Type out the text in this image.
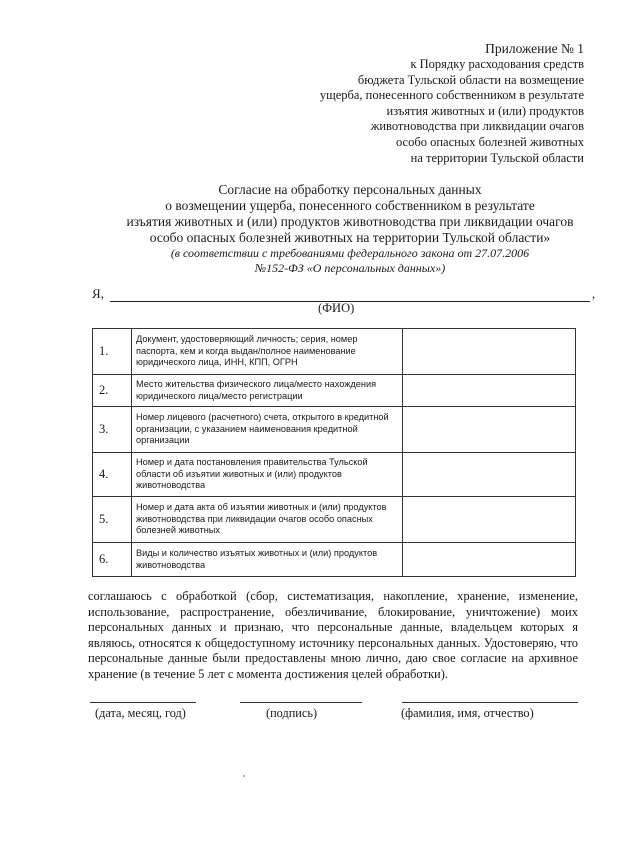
Приложение № 1
к Порядку расходования средств
бюджета Тульской области на возмещение
ущерба, понесенного собственником в результате
изъятия животных и (или) продуктов
животноводства при ликвидации очагов
особо опасных болезней животных
на территории Тульской области
Согласие на обработку персональных данных
о возмещении ущерба, понесенного собственником в результате
изъятия животных и (или) продуктов животноводства при ликвидации очагов
особо опасных болезней животных на территории Тульской области»
(в соответствии с требованиями федерального закона от 27.07.2006
№152-ФЗ «О персональных данных»)
Я,	,
(ФИО)
1.	Документ, удостоверяющий личность; серия, номер паспорта, кем и когда выдан/полное наименование юридического лица, ИНН, КПП, ОГРН	
2.	Место жительства физического лица/место нахождения юридического лица/место регистрации	
3.	Номер лицевого (расчетного) счета, открытого в кредитной организации, с указанием наименования кредитной организации	
4.	Номер и дата постановления правительства Тульской области об изъятии животных и (или) продуктов животноводства	
5.	Номер и дата акта об изъятии животных и (или) продуктов животноводства при ликвидации очагов особо опасных болезней животных	
6.	Виды и количество изъятых животных и (или) продуктов животноводства	
соглашаюсь с обработкой (сбор, систематизация, накопление, хранение, изменение, использование, распространение, обезличивание, блокирование, уничтожение) моих персональных данных и признаю, что персональные данные, владельцем которых я являюсь, относятся к общедоступному источнику персональных данных. Удостоверяю, что персональные данные были предоставлены мною лично, даю свое согласие на архивное хранение (в течение 5 лет с момента достижения целей обработки).
(дата, месяц, год)	(подпись)	(фамилия, имя, отчество)
